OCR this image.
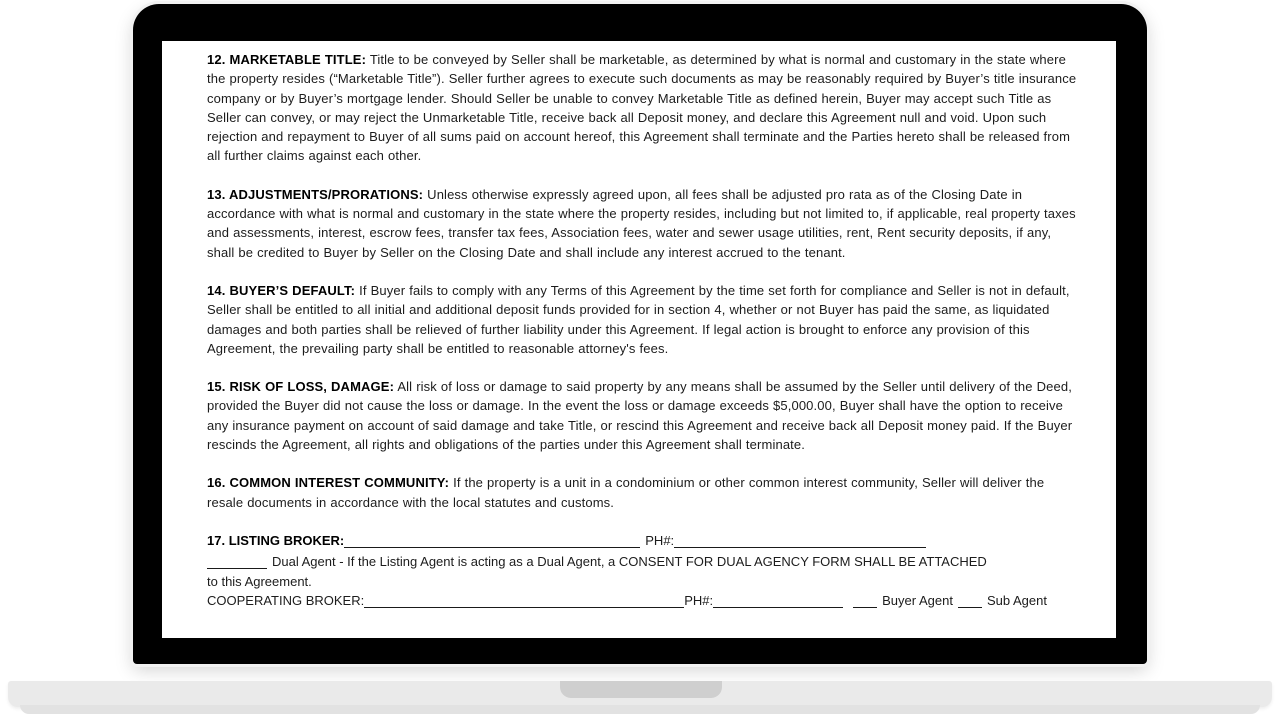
12. MARKETABLE TITLE: Title to be conveyed by Seller shall be marketable, as determined by what is normal and customary in the state where the property resides (“Marketable Title”). Seller further agrees to execute such documents as may be reasonably required by Buyer’s title insurance company or by Buyer’s mortgage lender. Should Seller be unable to convey Marketable Title as defined herein, Buyer may accept such Title as Seller can convey, or may reject the Unmarketable Title, receive back all Deposit money, and declare this Agreement null and void. Upon such rejection and repayment to Buyer of all sums paid on account hereof, this Agreement shall terminate and the Parties hereto shall be released from all further claims against each other.

13. ADJUSTMENTS/PRORATIONS: Unless otherwise expressly agreed upon, all fees shall be adjusted pro rata as of the Closing Date in accordance with what is normal and customary in the state where the property resides, including but not limited to, if applicable, real property taxes and assessments, interest, escrow fees, transfer tax fees, Association fees, water and sewer usage utilities, rent, Rent security deposits, if any, shall be credited to Buyer by Seller on the Closing Date and shall include any interest accrued to the tenant.

14. BUYER’S DEFAULT: If Buyer fails to comply with any Terms of this Agreement by the time set forth for compliance and Seller is not in default, Seller shall be entitled to all initial and additional deposit funds provided for in section 4, whether or not Buyer has paid the same, as liquidated damages and both parties shall be relieved of further liability under this Agreement. If legal action is brought to enforce any provision of this Agreement, the prevailing party shall be entitled to reasonable attorney's fees.

15. RISK OF LOSS, DAMAGE: All risk of loss or damage to said property by any means shall be assumed by the Seller until delivery of the Deed, provided the Buyer did not cause the loss or damage. In the event the loss or damage exceeds $5,000.00, Buyer shall have the option to receive any insurance payment on account of said damage and take Title, or rescind this Agreement and receive back all Deposit money paid. If the Buyer rescinds the Agreement, all rights and obligations of the parties under this Agreement shall terminate.

16. COMMON INTEREST COMMUNITY: If the property is a unit in a condominium or other common interest community, Seller will deliver the resale documents in accordance with the local statutes and customs.

17. LISTING BROKER:	PH#:
Dual Agent - If the Listing Agent is acting as a Dual Agent, a CONSENT FOR DUAL AGENCY FORM SHALL BE ATTACHED
to this Agreement.
COOPERATING BROKER:	PH#:	Buyer Agent	Sub Agent
